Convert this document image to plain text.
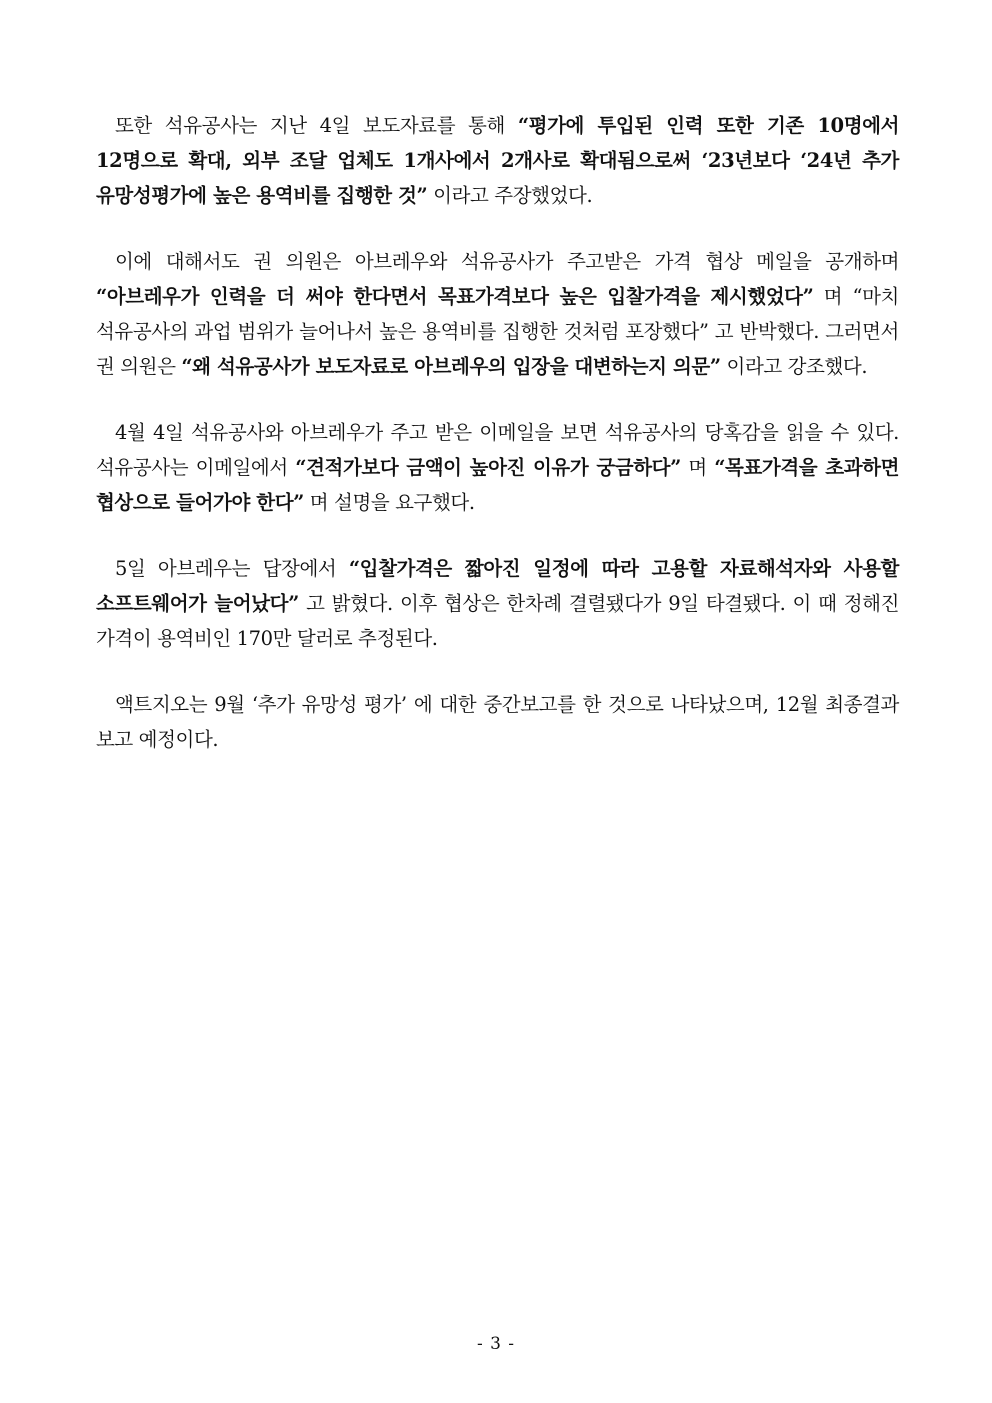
또한 석유공사는 지난 4일 보도자료를 통해 “평가에 투입된 인력 또한 기존 10명에서 12명으로 확대, 외부 조달 업체도 1개사에서 2개사로 확대됨으로써 ‘23년보다 ‘24년 추가 유망성평가에 높은 용역비를 집행한 것” 이라고 주장했었다.

이에 대해서도 권 의원은 아브레우와 석유공사가 주고받은 가격 협상 메일을 공개하며 “아브레우가 인력을 더 써야 한다면서 목표가격보다 높은 입찰가격을 제시했었다” 며 “마치 석유공사의 과업 범위가 늘어나서 높은 용역비를 집행한 것처럼 포장했다” 고 반박했다. 그러면서 권 의원은 “왜 석유공사가 보도자료로 아브레우의 입장을 대변하는지 의문” 이라고 강조했다.

4월 4일 석유공사와 아브레우가 주고 받은 이메일을 보면 석유공사의 당혹감을 읽을 수 있다. 석유공사는 이메일에서 “견적가보다 금액이 높아진 이유가 궁금하다” 며 “목표가격을 초과하면 협상으로 들어가야 한다” 며 설명을 요구했다.

5일 아브레우는 답장에서 “입찰가격은 짧아진 일정에 따라 고용할 자료해석자와 사용할 소프트웨어가 늘어났다” 고 밝혔다. 이후 협상은 한차례 결렬됐다가 9일 타결됐다. 이 때 정해진 가격이 용역비인 170만 달러로 추정된다.

액트지오는 9월 ‘추가 유망성 평가’ 에 대한 중간보고를 한 것으로 나타났으며, 12월 최종결과 보고 예정이다.

- 3 -
